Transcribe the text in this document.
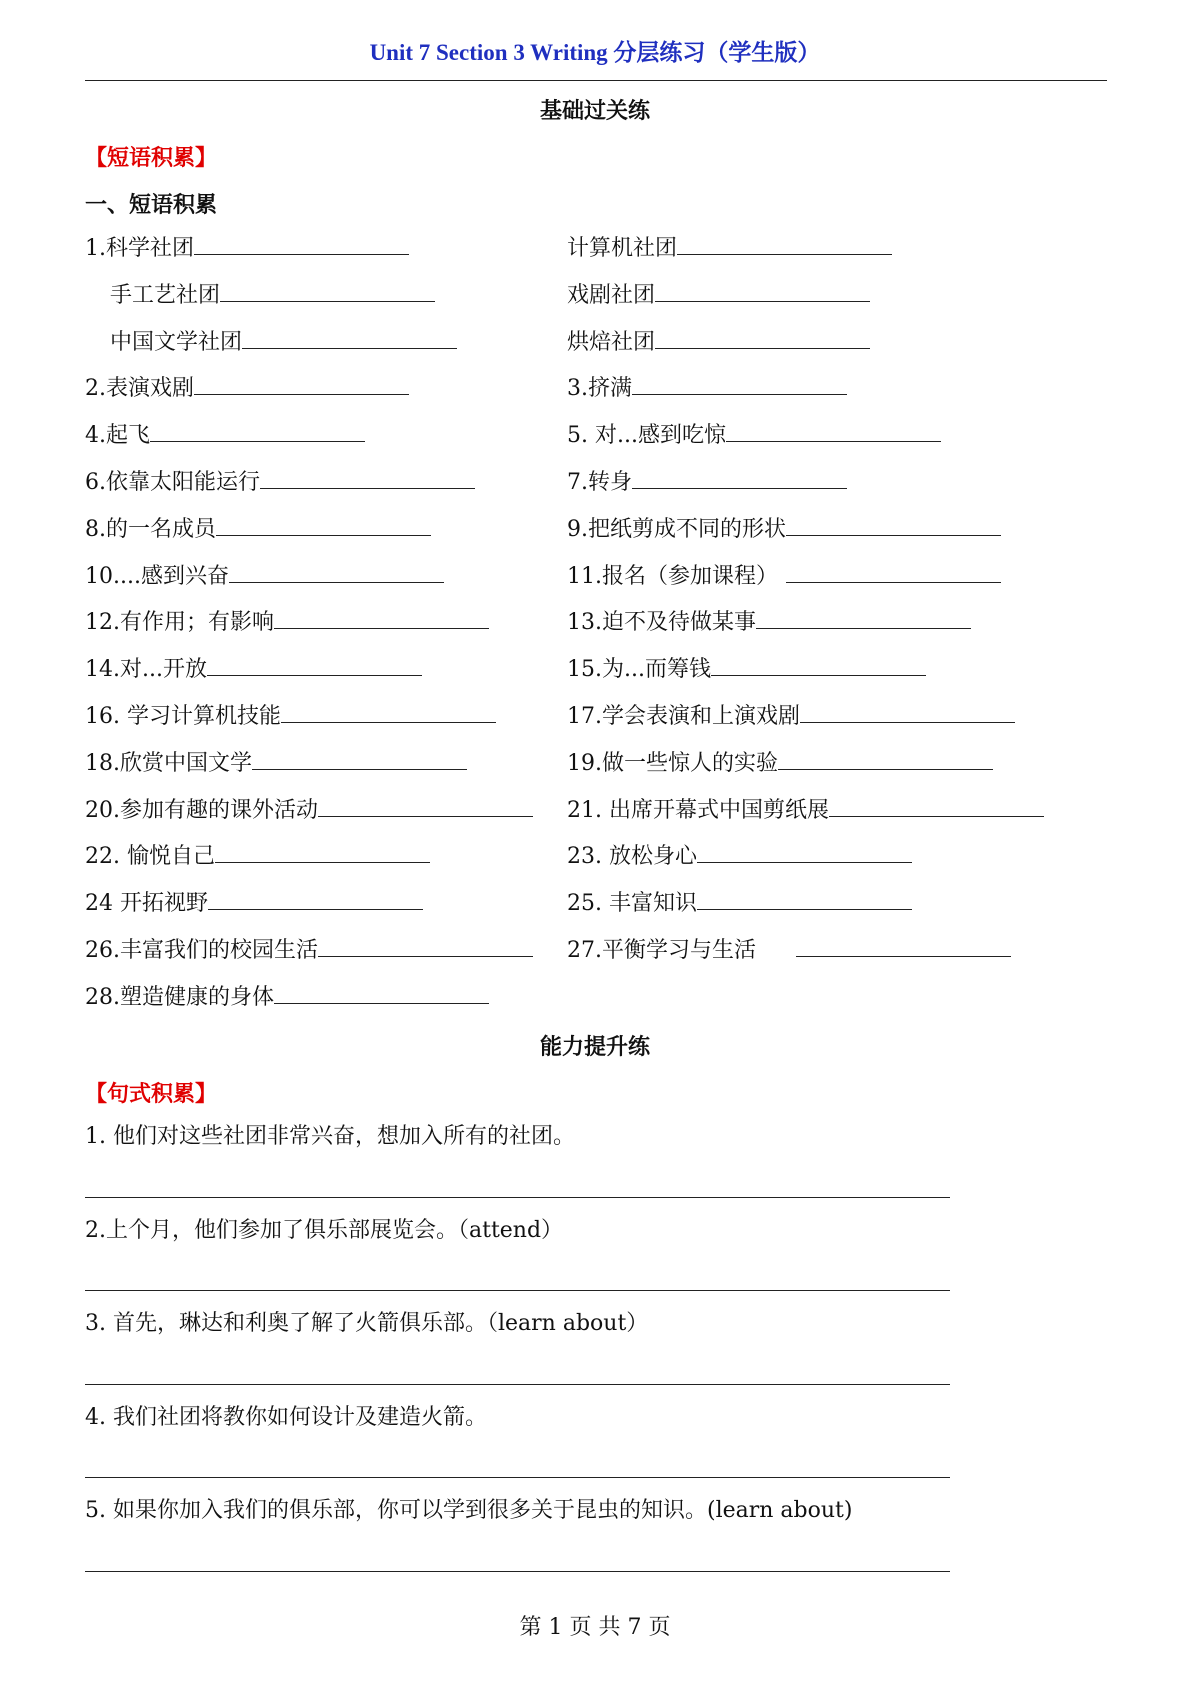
Unit 7 Section 3 Writing 分层练习（学生版）
基础过关练
【短语积累】
一、短语积累
1.科学社团
手工艺社团
中国文学社团
2.表演戏剧
4.起飞
6.依靠太阳能运行
8.的一名成员
10....感到兴奋
12.有作用；有影响
14.对...开放
16. 学习计算机技能
18.欣赏中国文学
20.参加有趣的课外活动
22. 愉悦自己
24 开拓视野
26.丰富我们的校园生活
28.塑造健康的身体
计算机社团
戏剧社团
烘焙社团
3.挤满
5. 对...感到吃惊
7.转身
9.把纸剪成不同的形状
11.报名（参加课程）
13.迫不及待做某事
15.为...而筹钱
17.学会表演和上演戏剧
19.做一些惊人的实验
21. 出席开幕式中国剪纸展
23. 放松身心
25. 丰富知识
27.平衡学习与生活
能力提升练
【句式积累】
1. 他们对这些社团非常兴奋，想加入所有的社团。
2.上个月，他们参加了俱乐部展览会。（attend）
3. 首先，琳达和利奥了解了火箭俱乐部。（learn about）
4. 我们社团将教你如何设计及建造火箭。
5. 如果你加入我们的俱乐部，你可以学到很多关于昆虫的知识。(learn about)
第 1 页 共 7 页
